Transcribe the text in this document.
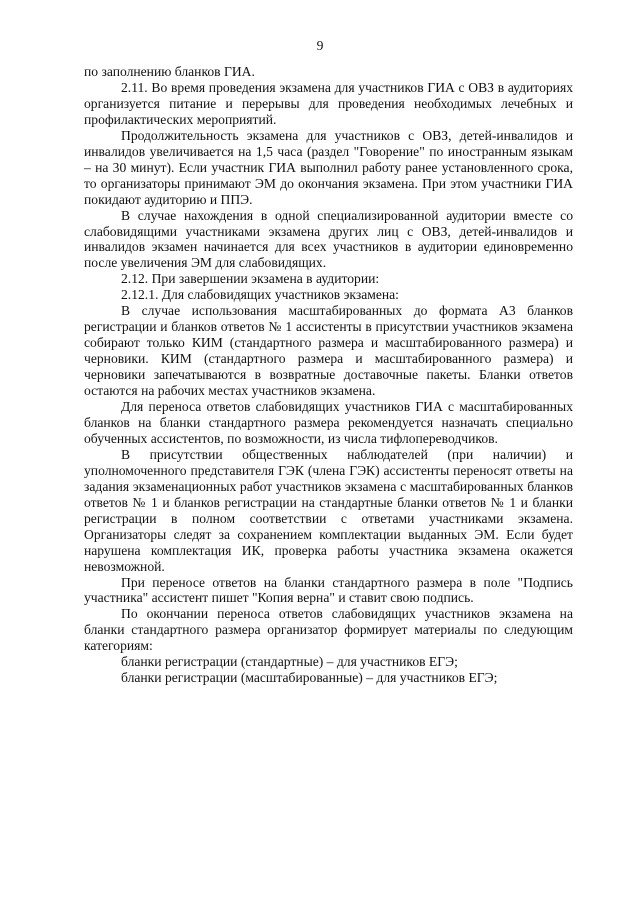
9

по заполнению бланков ГИА.

2.11. Во время проведения экзамена для участников ГИА с ОВЗ в аудиториях организуется питание и перерывы для проведения необходимых лечебных и профилактических мероприятий.

Продолжительность экзамена для участников с ОВЗ, детей-инвалидов и инвалидов увеличивается на 1,5 часа (раздел "Говорение" по иностранным языкам – на 30 минут). Если участник ГИА выполнил работу ранее установленного срока, то организаторы принимают ЭМ до окончания экзамена. При этом участники ГИА покидают аудиторию и ППЭ.

В случае нахождения в одной специализированной аудитории вместе со слабовидящими участниками экзамена других лиц с ОВЗ, детей-инвалидов и инвалидов экзамен начинается для всех участников в аудитории единовременно после увеличения ЭМ для слабовидящих.

2.12. При завершении экзамена в аудитории:

2.12.1. Для слабовидящих участников экзамена:

В случае использования масштабированных до формата А3 бланков регистрации и бланков ответов № 1 ассистенты в присутствии участников экзамена собирают только КИМ (стандартного размера и масштабированного размера) и черновики. КИМ (стандартного размера и масштабированного размера) и черновики запечатываются в возвратные доставочные пакеты. Бланки ответов остаются на рабочих местах участников экзамена.

Для переноса ответов слабовидящих участников ГИА с масштабированных бланков на бланки стандартного размера рекомендуется назначать специально обученных ассистентов, по возможности, из числа тифлопереводчиков.

В присутствии общественных наблюдателей (при наличии) и уполномоченного представителя ГЭК (члена ГЭК) ассистенты переносят ответы на задания экзаменационных работ участников экзамена с масштабированных бланков ответов № 1 и бланков регистрации на стандартные бланки ответов № 1 и бланки регистрации в полном соответствии с ответами участниками экзамена. Организаторы следят за сохранением комплектации выданных ЭМ. Если будет нарушена комплектация ИК, проверка работы участника экзамена окажется невозможной.

При переносе ответов на бланки стандартного размера в поле "Подпись участника" ассистент пишет "Копия верна" и ставит свою подпись.

По окончании переноса ответов слабовидящих участников экзамена на бланки стандартного размера организатор формирует материалы по следующим категориям:

бланки регистрации (стандартные) – для участников ЕГЭ;

бланки регистрации (масштабированные) – для участников ЕГЭ;
